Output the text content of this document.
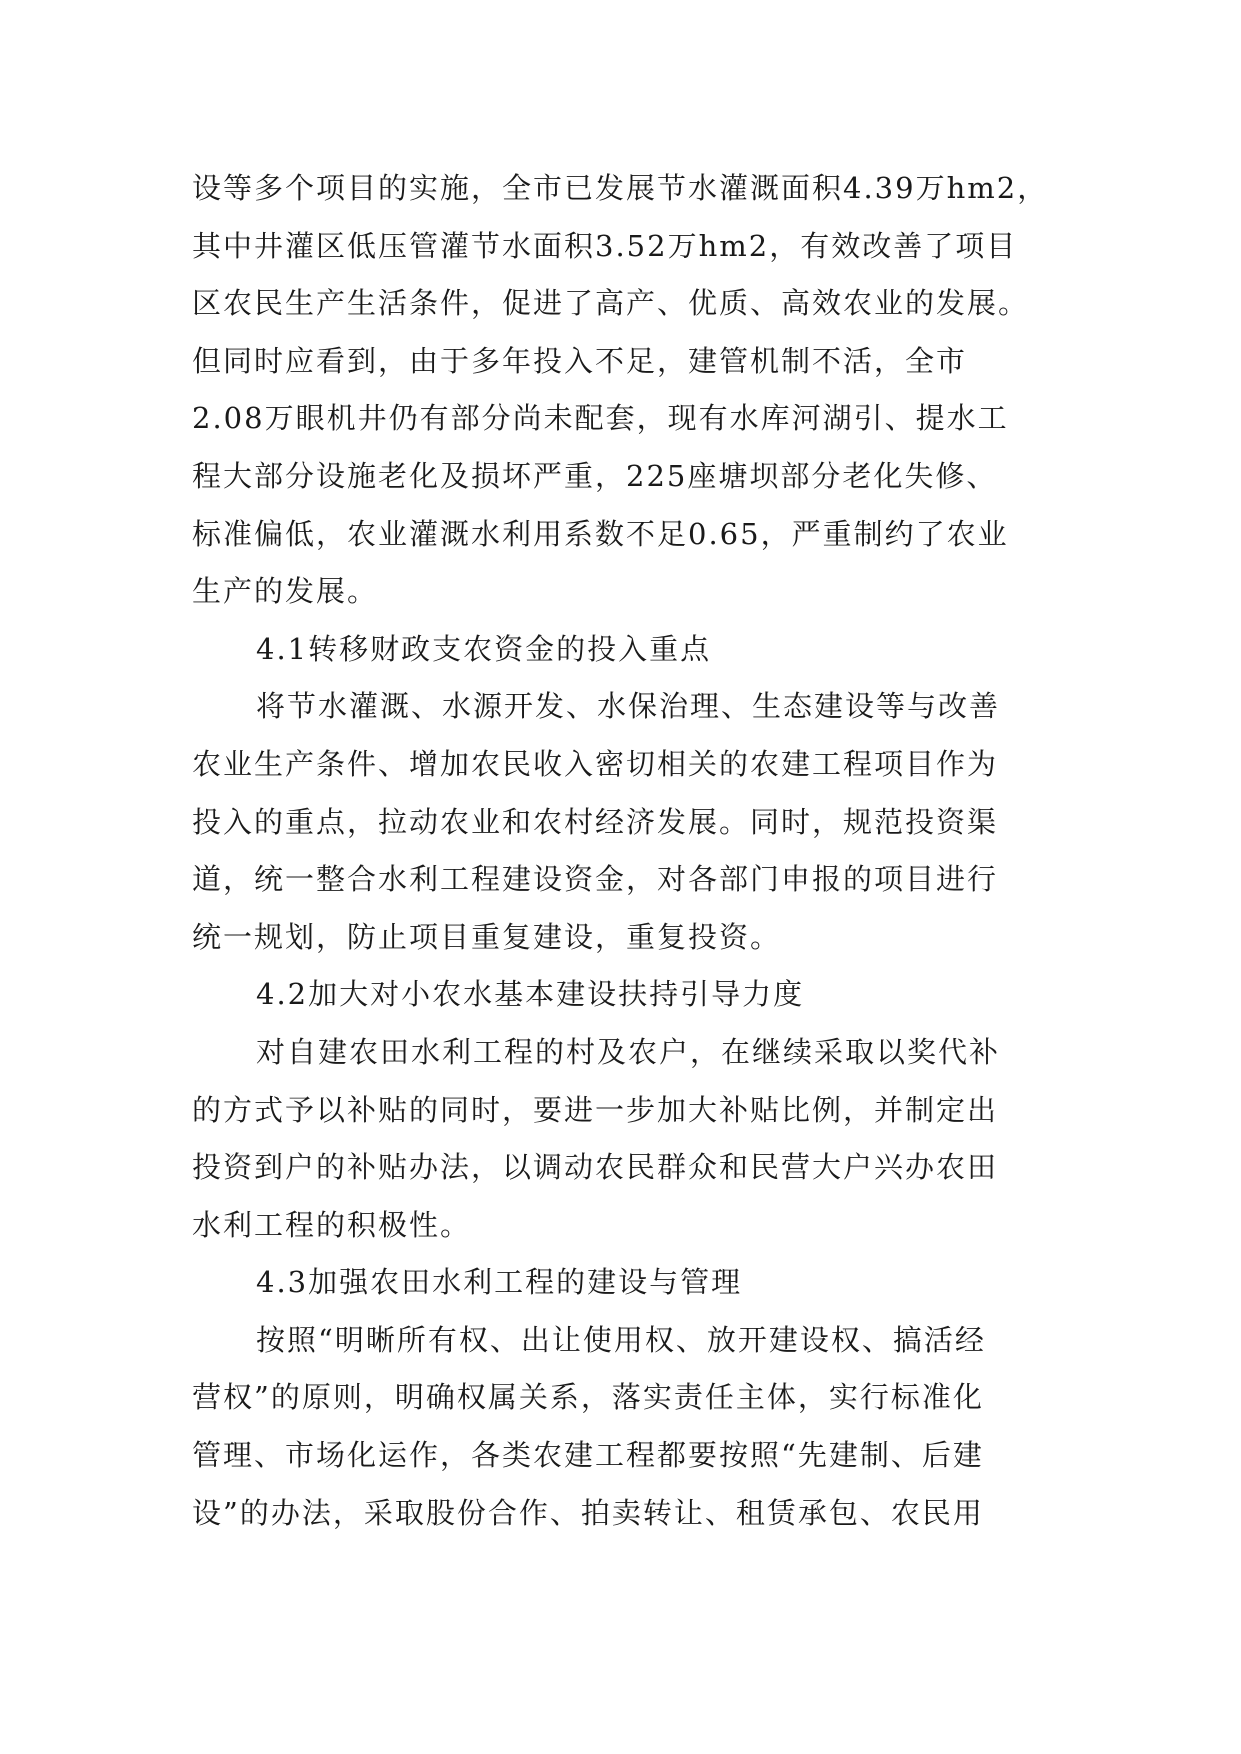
设等多个项目的实施，全市已发展节水灌溉面积4.39万hm2，
其中井灌区低压管灌节水面积3.52万hm2，有效改善了项目
区农民生产生活条件，促进了高产、优质、高效农业的发展。
但同时应看到，由于多年投入不足，建管机制不活，全市
2.08万眼机井仍有部分尚未配套，现有水库河湖引、提水工
程大部分设施老化及损坏严重，225座塘坝部分老化失修、
标准偏低，农业灌溉水利用系数不足0.65，严重制约了农业
生产的发展。
4.1转移财政支农资金的投入重点
将节水灌溉、水源开发、水保治理、生态建设等与改善
农业生产条件、增加农民收入密切相关的农建工程项目作为
投入的重点，拉动农业和农村经济发展。同时，规范投资渠
道，统一整合水利工程建设资金，对各部门申报的项目进行
统一规划，防止项目重复建设，重复投资。
4.2加大对小农水基本建设扶持引导力度
对自建农田水利工程的村及农户，在继续采取以奖代补
的方式予以补贴的同时，要进一步加大补贴比例，并制定出
投资到户的补贴办法，以调动农民群众和民营大户兴办农田
水利工程的积极性。
4.3加强农田水利工程的建设与管理
按照“明晰所有权、出让使用权、放开建设权、搞活经
营权”的原则，明确权属关系，落实责任主体，实行标准化
管理、市场化运作，各类农建工程都要按照“先建制、后建
设”的办法，采取股份合作、拍卖转让、租赁承包、农民用
